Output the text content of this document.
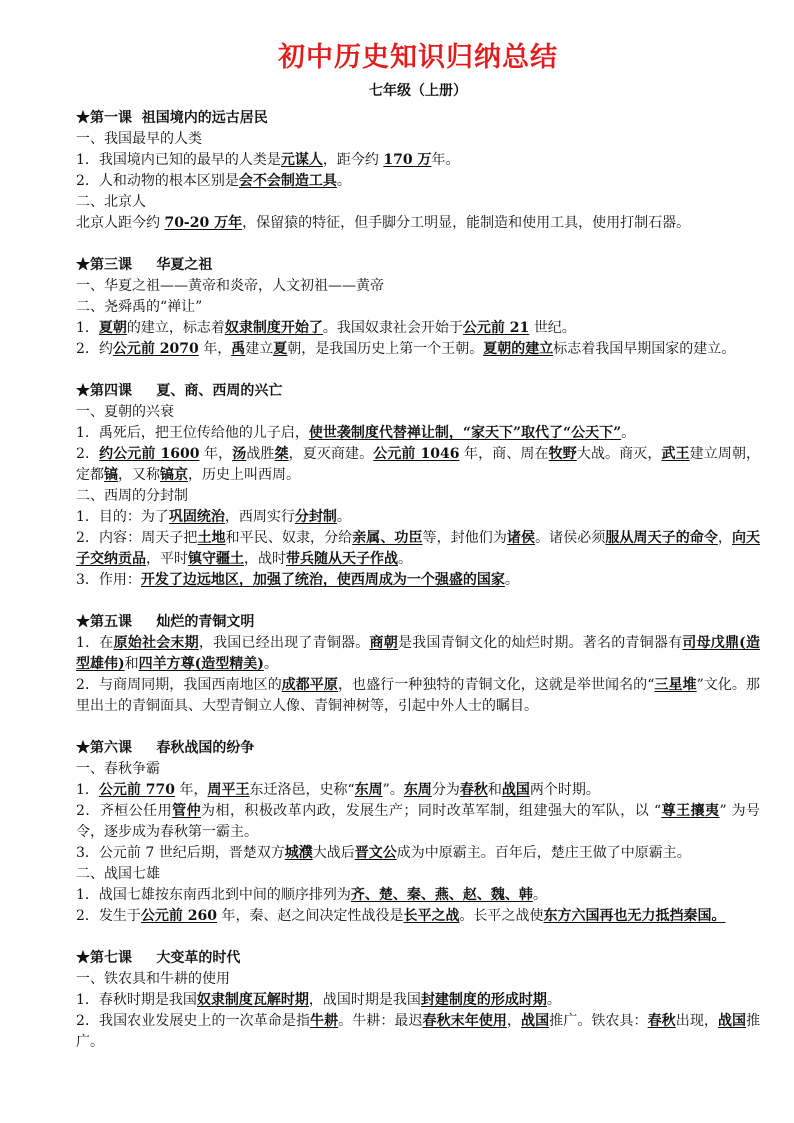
初中历史知识归纳总结
七年级（上册）
★第一课  祖国境内的远古居民
一、我国最早的人类
1．我国境内已知的最早的人类是元谋人，距今约 170 万年。
2．人和动物的根本区别是会不会制造工具。
二、北京人
北京人距今约 70-20 万年，保留猿的特征，但手脚分工明显，能制造和使用工具，使用打制石器。
★第三课     华夏之祖
一、华夏之祖——黄帝和炎帝，人文初祖——黄帝
二、尧舜禹的“禅让”
1．夏朝的建立，标志着奴隶制度开始了。我国奴隶社会开始于公元前 21 世纪。
2．约公元前 2070 年，禹建立夏朝，是我国历史上第一个王朝。夏朝的建立标志着我国早期国家的建立。
★第四课     夏、商、西周的兴亡
一、夏朝的兴衰
1．禹死后，把王位传给他的儿子启，使世袭制度代替禅让制，“家天下”取代了“公天下”。
2．约公元前 1600 年，汤战胜桀，夏灭商建。公元前 1046 年，商、周在牧野大战。商灭，武王建立周朝，定都镐，又称镐京，历史上叫西周。
二、西周的分封制
1．目的：为了巩固统治，西周实行分封制。
2．内容：周天子把土地和平民、奴隶，分给亲属、功臣等，封他们为诸侯。诸侯必须服从周天子的命令，向天子交纳贡品，平时镇守疆土，战时带兵随从天子作战。
3．作用：开发了边远地区，加强了统治，使西周成为一个强盛的国家。
★第五课     灿烂的青铜文明
1．在原始社会末期，我国已经出现了青铜器。商朝是我国青铜文化的灿烂时期。著名的青铜器有司母戊鼎(造型雄伟)和四羊方尊(造型精美)。
2．与商周同期，我国西南地区的成都平原，也盛行一种独特的青铜文化，这就是举世闻名的“三星堆”文化。那里出土的青铜面具、大型青铜立人像、青铜神树等，引起中外人士的瞩目。
★第六课     春秋战国的纷争
一、春秋争霸
1．公元前 770 年，周平王东迁洛邑，史称“东周”。东周分为春秋和战国两个时期。
2．齐桓公任用管仲为相，积极改革内政，发展生产；同时改革军制，组建强大的军队，以 “尊王攘夷” 为号令，逐步成为春秋第一霸主。
3．公元前 7 世纪后期，晋楚双方城濮大战后晋文公成为中原霸主。百年后，楚庄王做了中原霸主。
二、战国七雄
1．战国七雄按东南西北到中间的顺序排列为齐、楚、秦、燕、赵、魏、韩。
2．发生于公元前 260 年，秦、赵之间决定性战役是长平之战。长平之战使东方六国再也无力抵挡秦国。
★第七课     大变革的时代
一、铁农具和牛耕的使用
1．春秋时期是我国奴隶制度瓦解时期，战国时期是我国封建制度的形成时期。
2．我国农业发展史上的一次革命是指牛耕。牛耕：最迟春秋末年使用，战国推广。铁农具：春秋出现，战国推广。
